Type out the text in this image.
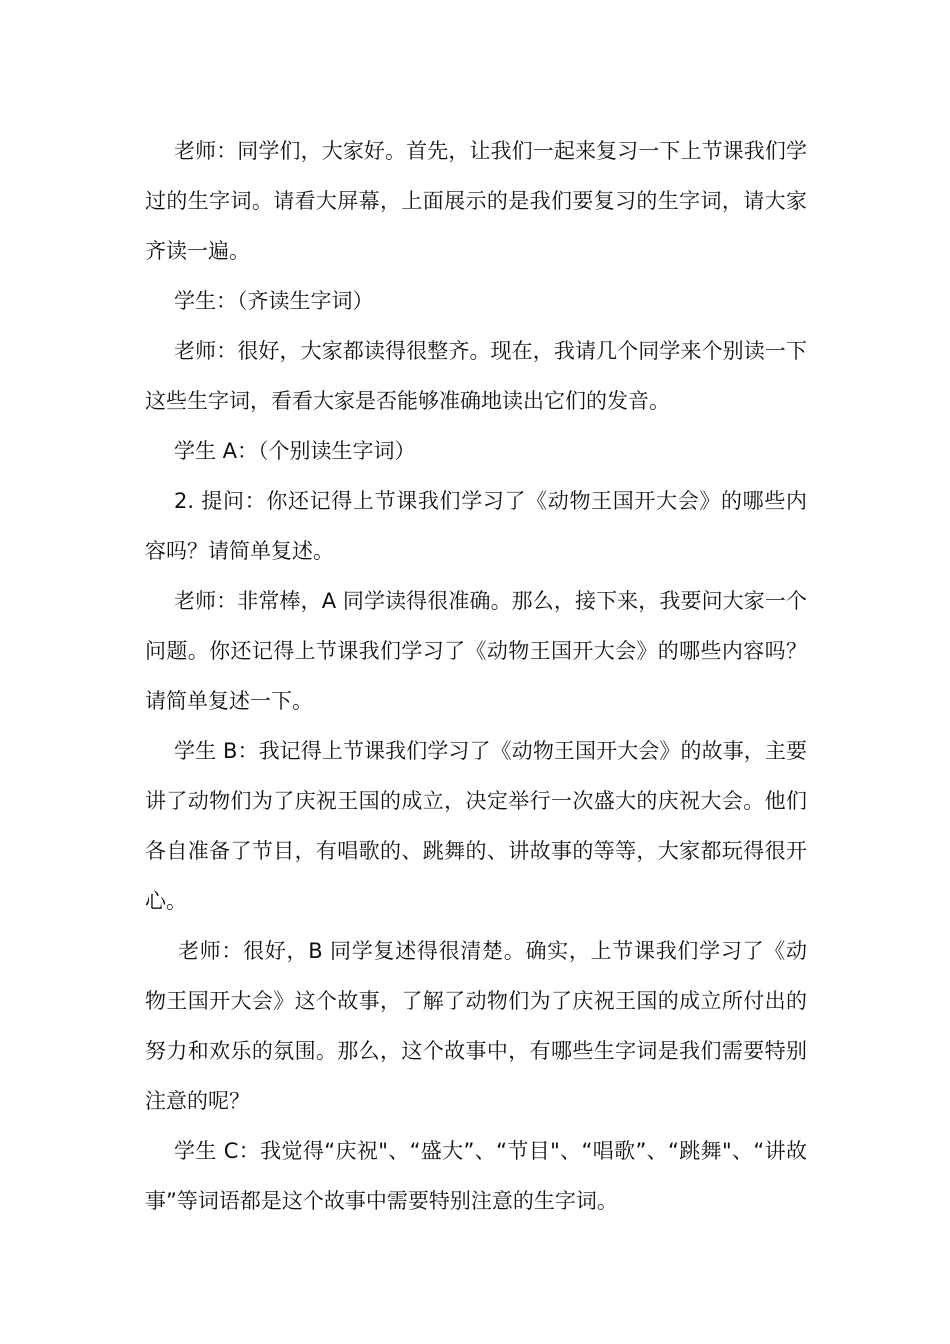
老师：同学们，大家好。首先，让我们一起来复习一下上节课我们学过的生字词。请看大屏幕，上面展示的是我们要复习的生字词，请大家齐读一遍。

学生：（齐读生字词）

老师：很好，大家都读得很整齐。现在，我请几个同学来个别读一下这些生字词，看看大家是否能够准确地读出它们的发音。

学生 A：（个别读生字词）

2. 提问：你还记得上节课我们学习了《动物王国开大会》的哪些内容吗？请简单复述。

老师：非常棒，A 同学读得很准确。那么，接下来，我要问大家一个问题。你还记得上节课我们学习了《动物王国开大会》的哪些内容吗？请简单复述一下。

学生 B：我记得上节课我们学习了《动物王国开大会》的故事，主要讲了动物们为了庆祝王国的成立，决定举行一次盛大的庆祝大会。他们各自准备了节目，有唱歌的、跳舞的、讲故事的等等，大家都玩得很开心。

老师：很好，B 同学复述得很清楚。确实，上节课我们学习了《动物王国开大会》这个故事，了解了动物们为了庆祝王国的成立所付出的努力和欢乐的氛围。那么，这个故事中，有哪些生字词是我们需要特别注意的呢？

学生 C：我觉得“庆祝"、“盛大”、“节目"、“唱歌”、“跳舞"、“讲故事”等词语都是这个故事中需要特别注意的生字词。
